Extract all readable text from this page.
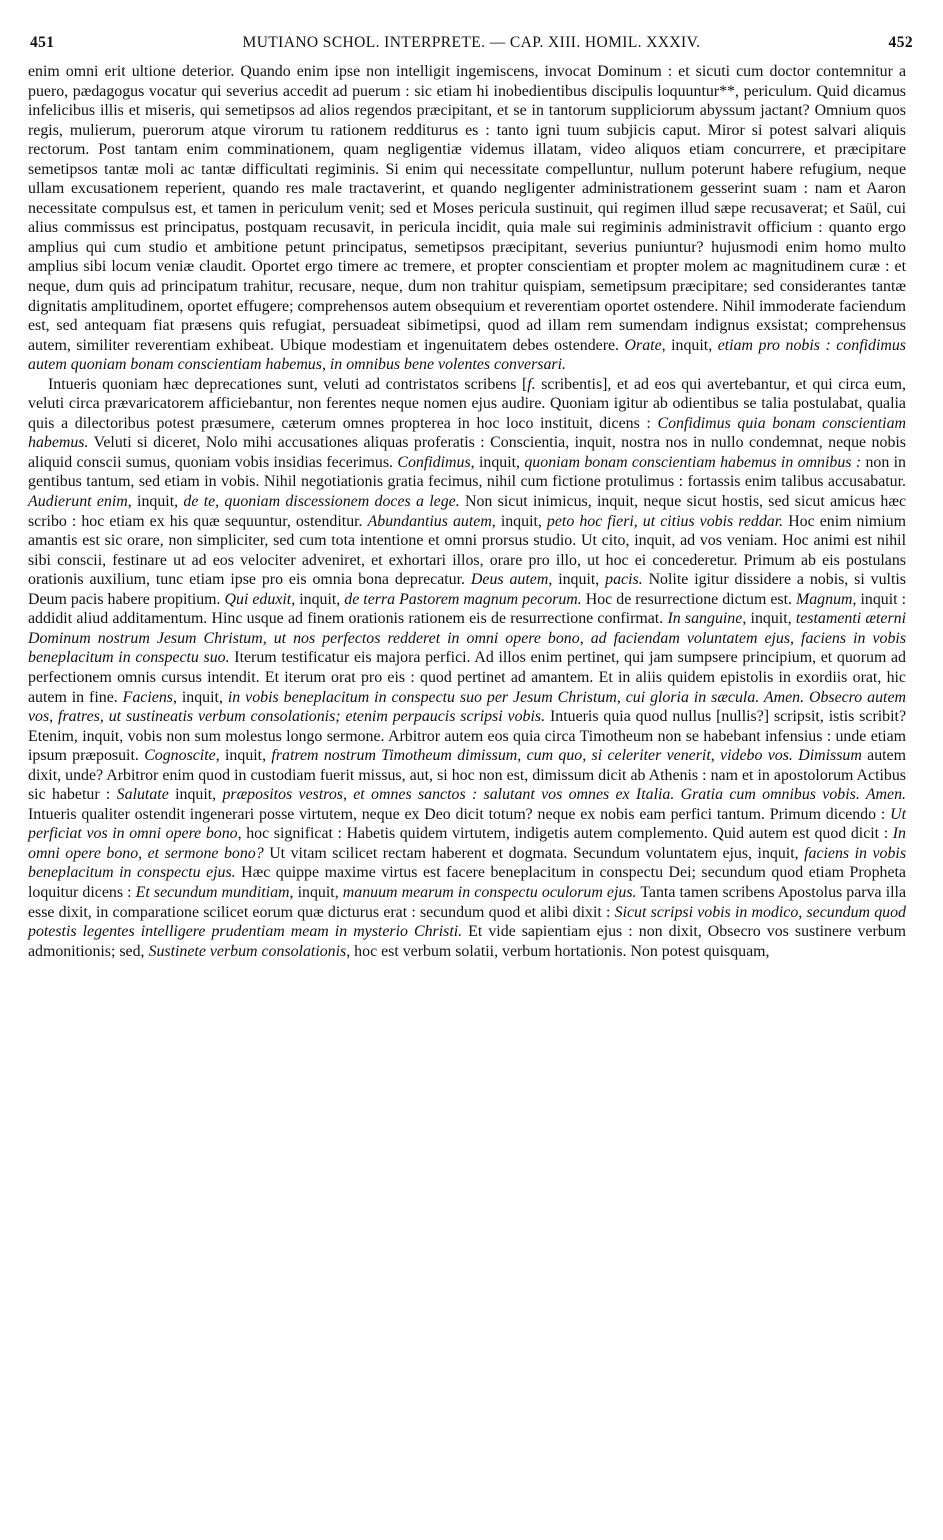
451	MUTIANO SCHOL. INTERPRETE. — CAP. XIII. HOMIL. XXXIV.	452

enim omni erit ultione deterior. Quando enim ipse non intelligit ingemiscens, invocat Dominum : et sicuti cum doctor contemnitur a puero, pædagogus vocatur qui severius accedit ad puerum : sic etiam hi inobedientibus discipulis loquuntur**, periculum. Quid dicamus infelicibus illis et miseris, qui semetipsos ad alios regendos præcipitant, et se in tantorum suppliciorum abyssum jactant? Omnium quos regis, mulierum, puerorum atque virorum tu rationem redditurus es : tanto igni tuum subjicis caput. Miror si potest salvari aliquis rectorum. Post tantam enim comminationem, quam negligentiæ videmus illatam, video aliquos etiam concurrere, et præcipitare semetipsos tantæ moli ac tantæ difficultati regiminis. Si enim qui necessitate compelluntur, nullum poterunt habere refugium, neque ullam excusationem reperient, quando res male tractaverint, et quando negligenter administrationem gesserint suam : nam et Aaron necessitate compulsus est, et tamen in periculum venit; sed et Moses pericula sustinuit, qui regimen illud sæpe recusaverat; et Saül, cui alius commissus est principatus, postquam recusavit, in pericula incidit, quia male sui regiminis administravit officium : quanto ergo amplius qui cum studio et ambitione petunt principatus, semetipsos præcipitant, severius puniuntur? hujusmodi enim homo multo amplius sibi locum veniæ claudit. Oportet ergo timere ac tremere, et propter conscientiam et propter molem ac magnitudinem curæ : et neque, dum quis ad principatum trahitur, recusare, neque, dum non trahitur quispiam, semetipsum præcipitare; sed considerantes tantæ dignitatis amplitudinem, oportet effugere; comprehensos autem obsequium et reverentiam oportet ostendere. Nihil immoderate faciendum est, sed antequam fiat præsens quis refugiat, persuadeat sibimetipsi, quod ad illam rem sumendam indignus exsistat; comprehensus autem, similiter reverentiam exhibeat. Ubique modestiam et ingenuitatem debes ostendere. Orate, inquit, etiam pro nobis : confidimus autem quoniam bonam conscientiam habemus, in omnibus bene volentes conversari.

Intueris quoniam hæc deprecationes sunt, veluti ad contristatos scribens [f. scribentis], et ad eos qui avertebantur, et qui circa eum, veluti circa prævaricatorem afficiebantur, non ferentes neque nomen ejus audire. Quoniam igitur ab odientibus se talia postulabat, qualia quis a dilectoribus potest præsumere, cæterum omnes propterea in hoc loco instituit, dicens : Confidimus quia bonam conscientiam habemus. Veluti si diceret, Nolo mihi accusationes aliquas proferatis : Conscientia, inquit, nostra nos in nullo condemnat, neque nobis aliquid conscii sumus, quoniam vobis insidias fecerimus. Confidimus, inquit, quoniam bonam conscientiam habemus in omnibus : non in gentibus tantum, sed etiam in vobis. Nihil negotiationis gratia fecimus, nihil cum fictione protulimus : fortassis enim talibus accusabatur. Audierunt enim, inquit, de te, quoniam discessionem doces a lege. Non sicut inimicus, inquit, neque sicut hostis, sed sicut amicus hæc scribo : hoc etiam ex his quæ sequuntur, ostenditur. Abundantius autem, inquit, peto hoc fieri, ut citius vobis reddar. Hoc enim nimium amantis est sic orare, non simpliciter, sed cum tota intentione et omni prorsus studio. Ut cito, inquit, ad vos veniam. Hoc animi est nihil sibi conscii, festinare ut ad eos velociter adveniret, et exhortari illos, orare pro illo, ut hoc ei concederetur. Primum ab eis postulans orationis auxilium, tunc etiam ipse pro eis omnia bona deprecatur. Deus autem, inquit, pacis. Nolite igitur dissidere a nobis, si vultis Deum pacis habere propitium. Qui eduxit, inquit, de terra Pastorem magnum pecorum. Hoc de resurrectione dictum est. Magnum, inquit : addidit aliud additamentum. Hinc usque ad finem orationis rationem eis de resurrectione confirmat. In sanguine, inquit, testamenti æterni Dominum nostrum Jesum Christum, ut nos perfectos redderet in omni opere bono, ad faciendam voluntatem ejus, faciens in vobis beneplacitum in conspectu suo. Iterum testificatur eis majora perfici. Ad illos enim pertinet, qui jam sumpsere principium, et quorum ad perfectionem omnis cursus intendit. Et iterum orat pro eis : quod pertinet ad amantem. Et in aliis quidem epistolis in exordiis orat, hic autem in fine. Faciens, inquit, in vobis beneplacitum in conspectu suo per Jesum Christum, cui gloria in sæcula. Amen. Obsecro autem vos, fratres, ut sustineatis verbum consolationis; etenim perpaucis scripsi vobis. Intueris quia quod nullus [nullis?] scripsit, istis scribit? Etenim, inquit, vobis non sum molestus longo sermone. Arbitror autem eos quia circa Timotheum non se habebant infensius : unde etiam ipsum præposuit. Cognoscite, inquit, fratrem nostrum Timotheum dimissum, cum quo, si celeriter venerit, videbo vos. Dimissum autem dixit, unde? Arbitror enim quod in custodiam fuerit missus, aut, si hoc non est, dimissum dicit ab Athenis : nam et in apostolorum Actibus sic habetur : Salutate inquit, præpositos vestros, et omnes sanctos : salutant vos omnes ex Italia. Gratia cum omnibus vobis. Amen. Intueris qualiter ostendit ingenerari posse virtutem, neque ex Deo dicit totum? neque ex nobis eam perfici tantum. Primum dicendo : Ut perficiat vos in omni opere bono, hoc significat : Habetis quidem virtutem, indigetis autem complemento. Quid autem est quod dicit : In omni opere bono, et sermone bono? Ut vitam scilicet rectam haberent et dogmata. Secundum voluntatem ejus, inquit, faciens in vobis beneplacitum in conspectu ejus. Hæc quippe maxime virtus est facere beneplacitum in conspectu Dei; secundum quod etiam Propheta loquitur dicens : Et secundum munditiam, inquit, manuum mearum in conspectu oculorum ejus. Tanta tamen scribens Apostolus parva illa esse dixit, in comparatione scilicet eorum quæ dicturus erat : secundum quod et alibi dixit : Sicut scripsi vobis in modico, secundum quod potestis legentes intelligere prudentiam meam in mysterio Christi. Et vide sapientiam ejus : non dixit, Obsecro vos sustinere verbum admonitionis; sed, Sustinete verbum consolationis, hoc est verbum solatii, verbum hortationis. Non potest quisquam,
